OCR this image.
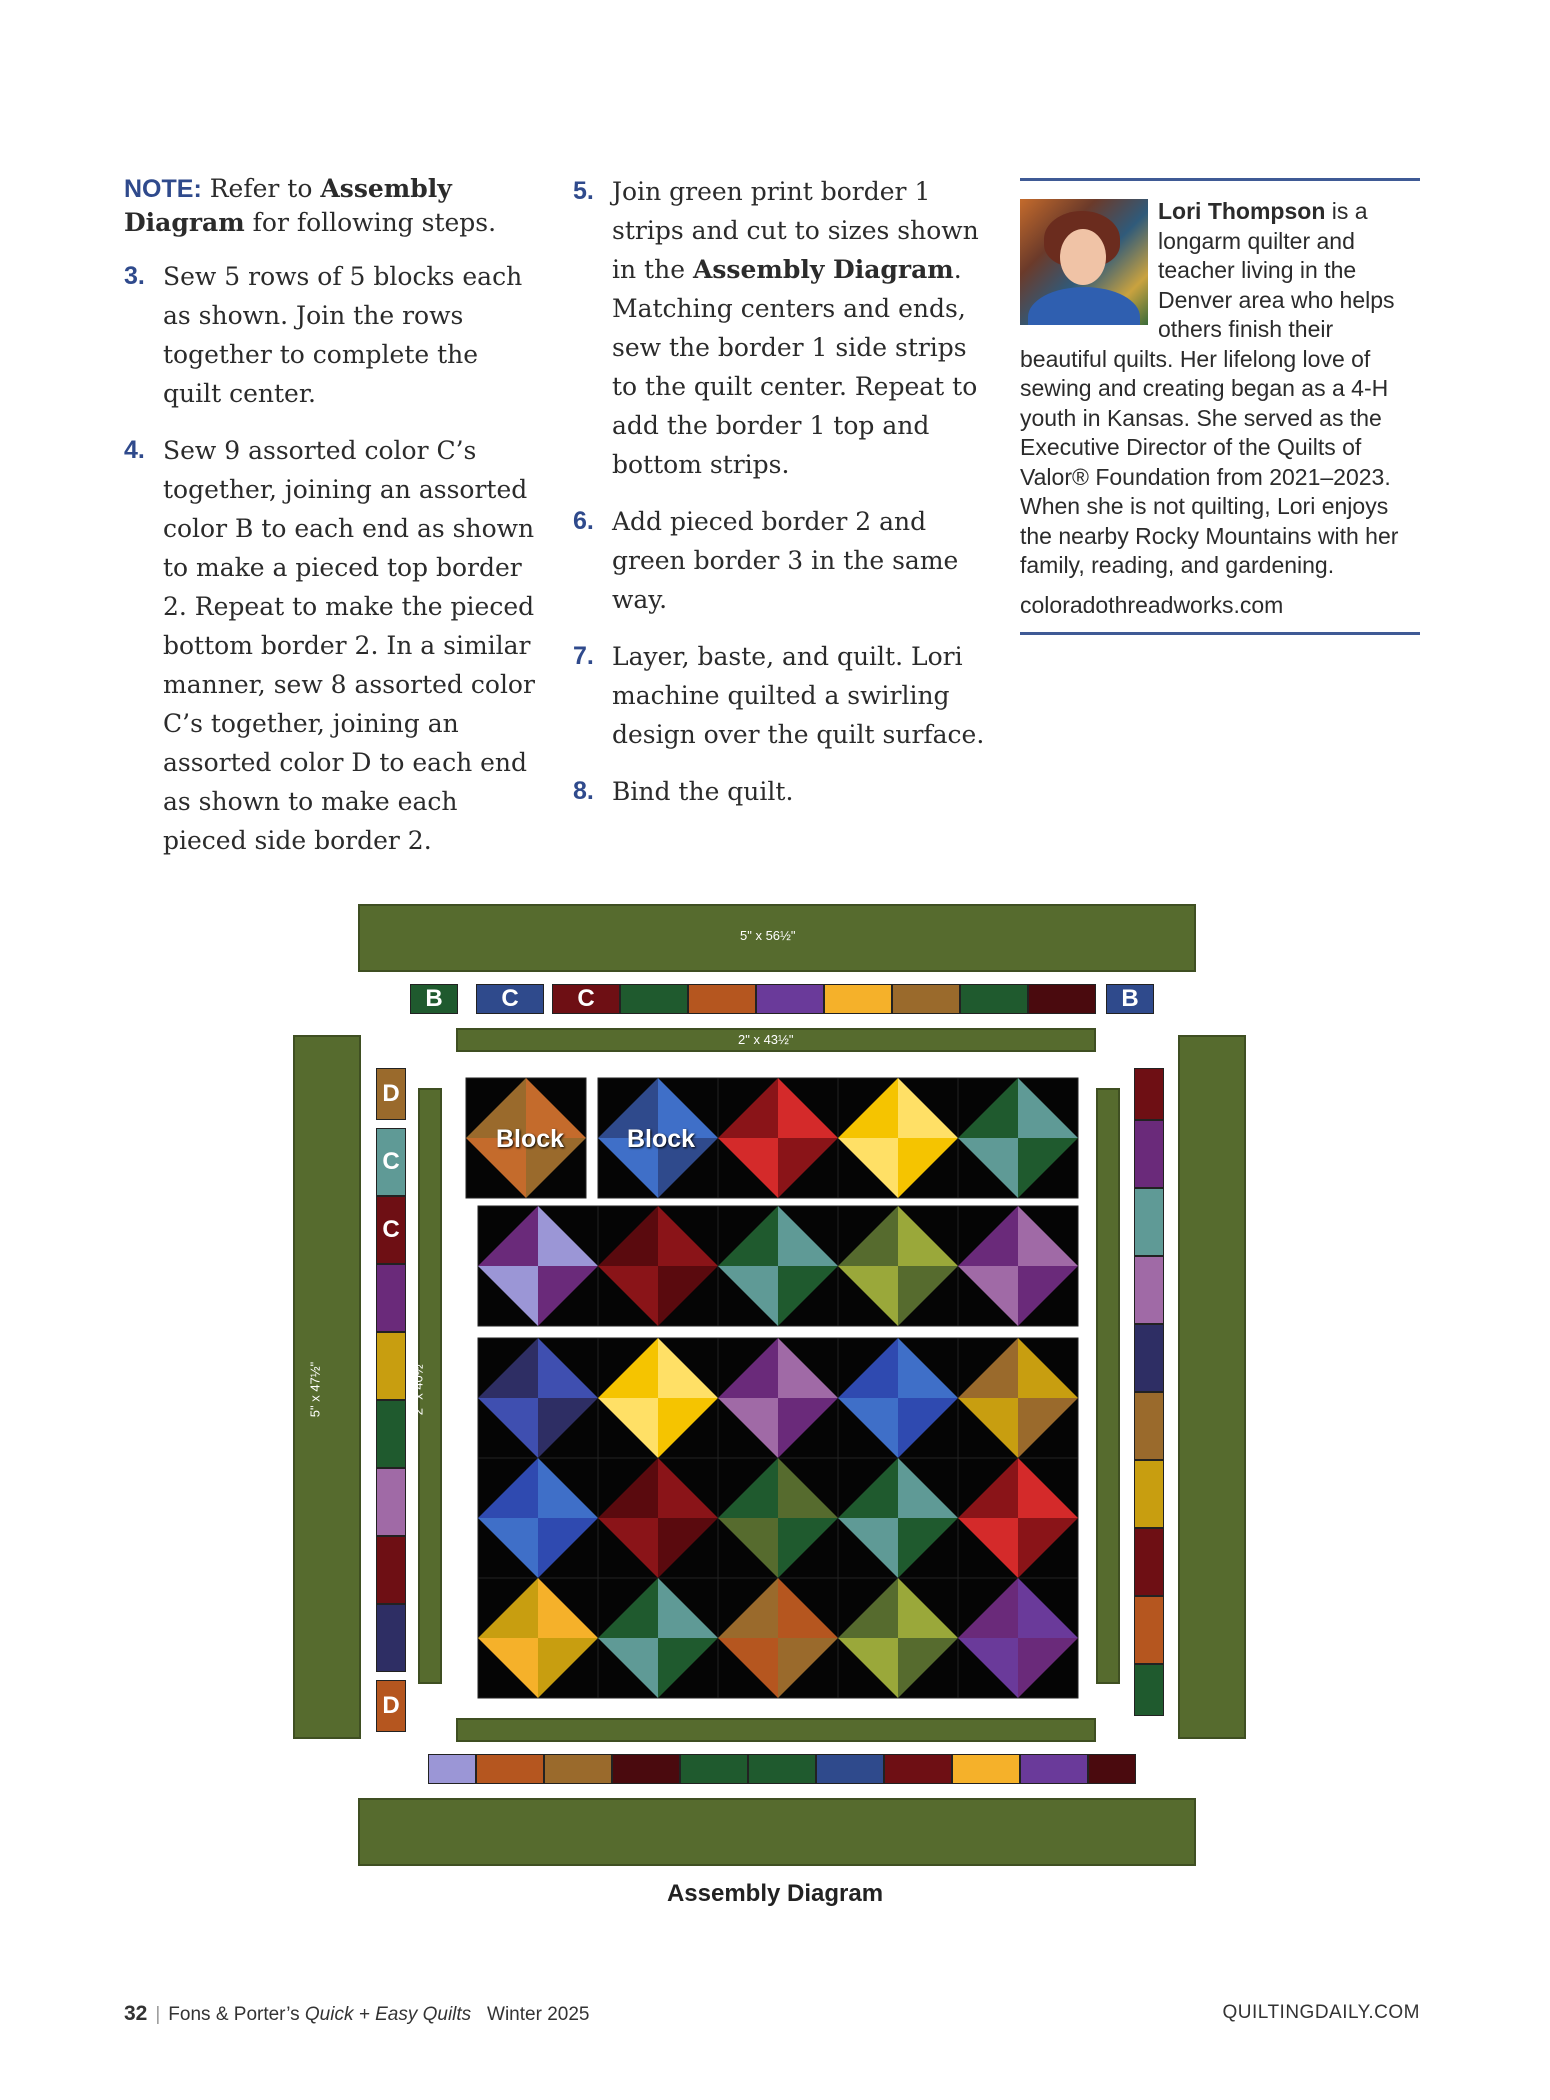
NOTE: Refer to Assembly Diagram for following steps.

3. Sew 5 rows of 5 blocks each as shown. Join the rows together to complete the quilt center.
4. Sew 9 assorted color C’s together, joining an assorted color B to each end as shown to make a pieced top border 2. Repeat to make the pieced bottom border 2. In a similar manner, sew 8 assorted color C’s together, joining an assorted color D to each end as shown to make each pieced side border 2.
5. Join green print border 1 strips and cut to sizes shown in the Assembly Diagram. Matching centers and ends, sew the border 1 side strips to the quilt center. Repeat to add the border 1 top and bottom strips.
6. Add pieced border 2 and green border 3 in the same way.
7. Layer, baste, and quilt. Lori machine quilted a swirling design over the quilt surface.
8. Bind the quilt.
Lori Thompson is a longarm quilter and teacher living in the Denver area who helps others finish their beautiful quilts. Her lifelong love of sewing and creating began as a 4-H youth in Kansas. She served as the Executive Director of the Quilts of Valor® Foundation from 2021–2023. When she is not quilting, Lori enjoys the nearby Rocky Mountains with her family, reading, and gardening.
coloradothreadworks.com
5" x 56½"
5" x 47½"
2" x 43½"
2" x 40½"
B	C	C	B
D
C
C
D
Block	Block
Assembly Diagram
32 | Fons & Porter’s Quick + Easy Quilts Winter 2025	QUILTINGDAILY.COM
